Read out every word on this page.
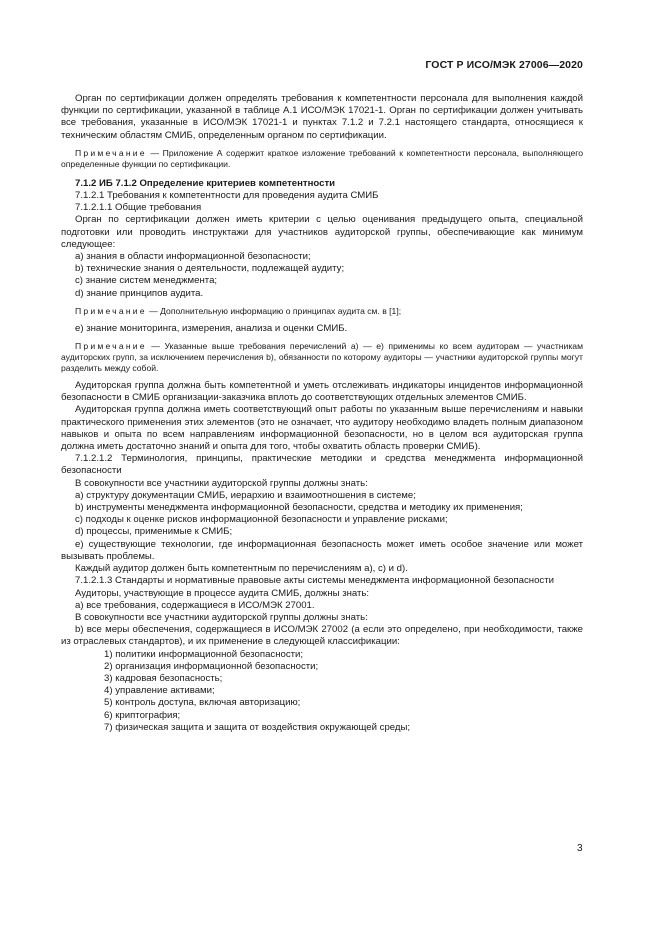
ГОСТ Р ИСО/МЭК 27006—2020

Орган по сертификации должен определять требования к компетентности персонала для выполнения каждой функции по сертификации, указанной в таблице А.1 ИСО/МЭК 17021-1. Орган по сертификации должен учитывать все требования, указанные в ИСО/МЭК 17021-1 и пунктах 7.1.2 и 7.2.1 настоящего стандарта, относящиеся к техническим областям СМИБ, определенным органом по сертификации.

Примечание — Приложение А содержит краткое изложение требований к компетентности персонала, выполняющего определенные функции по сертификации.

7.1.2 ИБ 7.1.2 Определение критериев компетентности

7.1.2.1 Требования к компетентности для проведения аудита СМИБ

7.1.2.1.1 Общие требования

Орган по сертификации должен иметь критерии с целью оценивания предыдущего опыта, специальной подготовки или проводить инструктажи для участников аудиторской группы, обеспечивающие как минимум следующее:

a) знания в области информационной безопасности;

b) технические знания о деятельности, подлежащей аудиту;

c) знание систем менеджмента;

d) знание принципов аудита.

Примечание — Дополнительную информацию о принципах аудита см. в [1];

e) знание мониторинга, измерения, анализа и оценки СМИБ.

Примечание — Указанные выше требования перечислений a) — e) применимы ко всем аудиторам — участникам аудиторских групп, за исключением перечисления b), обязанности по которому аудиторы — участники аудиторской группы могут разделить между собой.

Аудиторская группа должна быть компетентной и уметь отслеживать индикаторы инцидентов информационной безопасности в СМИБ организации-заказчика вплоть до соответствующих отдельных элементов СМИБ.

Аудиторская группа должна иметь соответствующий опыт работы по указанным выше перечислениям и навыки практического применения этих элементов (это не означает, что аудитору необходимо владеть полным диапазоном навыков и опыта по всем направлениям информационной безопасности, но в целом вся аудиторская группа должна иметь достаточно знаний и опыта для того, чтобы охватить область проверки СМИБ).

7.1.2.1.2 Терминология, принципы, практические методики и средства менеджмента информационной безопасности

В совокупности все участники аудиторской группы должны знать:

a) структуру документации СМИБ, иерархию и взаимоотношения в системе;

b) инструменты менеджмента информационной безопасности, средства и методику их применения;

c) подходы к оценке рисков информационной безопасности и управление рисками;

d) процессы, применимые к СМИБ;

e) существующие технологии, где информационная безопасность может иметь особое значение или может вызывать проблемы.

Каждый аудитор должен быть компетентным по перечислениям a), c) и d).

7.1.2.1.3 Стандарты и нормативные правовые акты системы менеджмента информационной безопасности

Аудиторы, участвующие в процессе аудита СМИБ, должны знать:

a) все требования, содержащиеся в ИСО/МЭК 27001.

В совокупности все участники аудиторской группы должны знать:

b) все меры обеспечения, содержащиеся в ИСО/МЭК 27002 (а если это определено, при необходимости, также из отраслевых стандартов), и их применение в следующей классификации:

1) политики информационной безопасности;

2) организация информационной безопасности;

3) кадровая безопасность;

4) управление активами;

5) контроль доступа, включая авторизацию;

6) криптография;

7) физическая защита и защита от воздействия окружающей среды;

3
